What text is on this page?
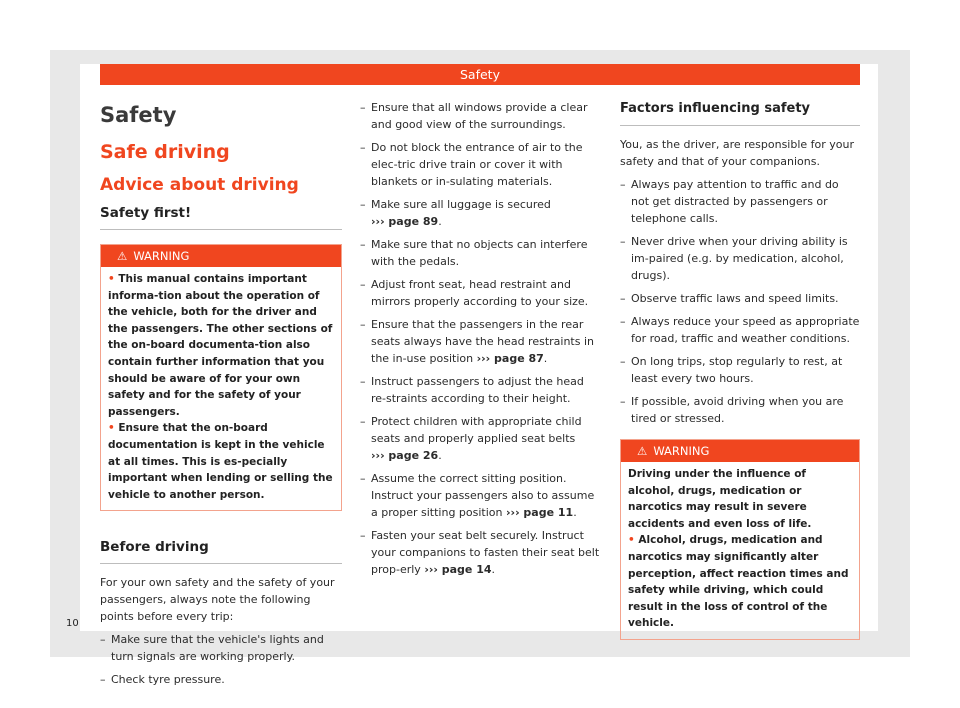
Safety
10
Safety
Safe driving
Advice about driving
Safety first!
⚠ WARNING

• This manual contains important informa-tion about the operation of the vehicle, both for the driver and the passengers. The other sections of the on-board documenta-tion also contain further information that you should be aware of for your own safety and for the safety of your passengers.

• Ensure that the on-board documentation is kept in the vehicle at all times. This is es-pecially important when lending or selling the vehicle to another person.

Before driving

For your own safety and the safety of your passengers, always note the following points before every trip:

– Make sure that the vehicle's lights and turn signals are working properly.
– Check tyre pressure.
– Ensure that all windows provide a clear and good view of the surroundings.
– Do not block the entrance of air to the elec-tric drive train or cover it with blankets or in-sulating materials.
– Make sure all luggage is secured
››› page 89.
– Make sure that no objects can interfere with the pedals.
– Adjust front seat, head restraint and mirrors properly according to your size.
– Ensure that the passengers in the rear seats always have the head restraints in the in-use position ››› page 87.
– Instruct passengers to adjust the head re-straints according to their height.
– Protect children with appropriate child seats and properly applied seat belts
››› page 26.
– Assume the correct sitting position. Instruct your passengers also to assume a proper sitting position ››› page 11.
– Fasten your seat belt securely. Instruct your companions to fasten their seat belt prop-erly ››› page 14.
Factors influencing safety

You, as the driver, are responsible for your safety and that of your companions.

– Always pay attention to traffic and do not get distracted by passengers or telephone calls.
– Never drive when your driving ability is im-paired (e.g. by medication, alcohol, drugs).
– Observe traffic laws and speed limits.
– Always reduce your speed as appropriate for road, traffic and weather conditions.
– On long trips, stop regularly to rest, at least every two hours.
– If possible, avoid driving when you are tired or stressed.
⚠ WARNING

Driving under the influence of alcohol, drugs, medication or narcotics may result in severe accidents and even loss of life.

• Alcohol, drugs, medication and narcotics may significantly alter perception, affect reaction times and safety while driving, which could result in the loss of control of the vehicle.
